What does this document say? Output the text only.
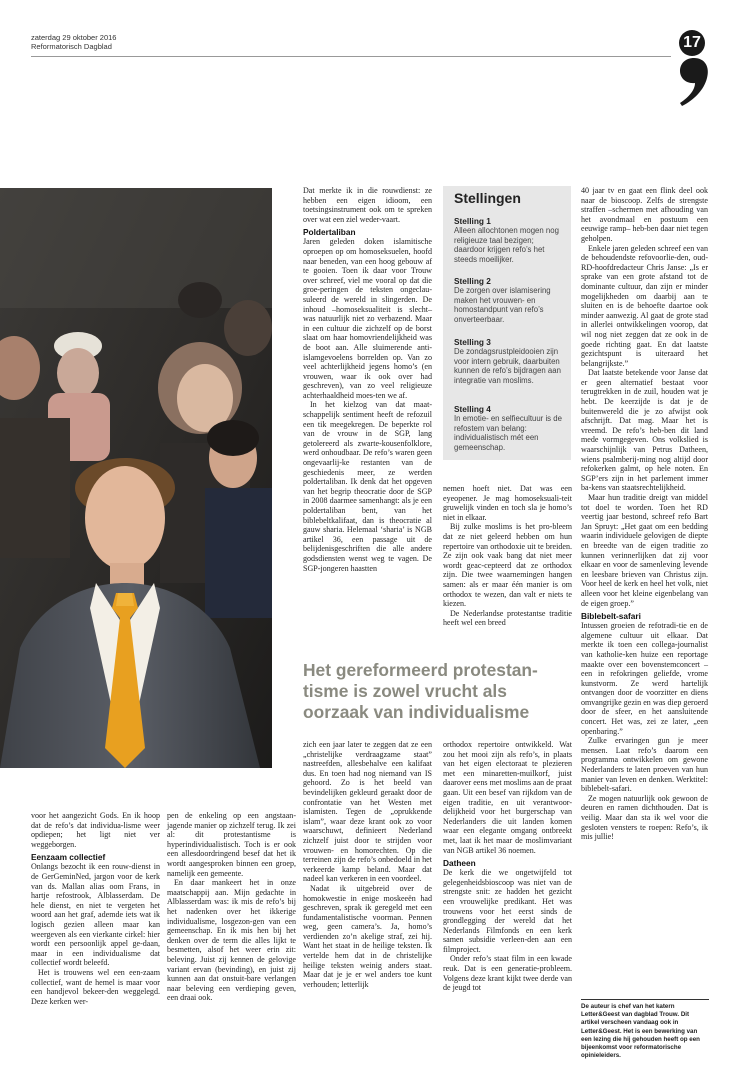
zaterdag 29 oktober 2016
Reformatorisch Dagblad	17

Dat merkte ik in die rouwdienst: ze hebben een eigen idioom, een toetsingsinstrument ook om te spreken over wat een ziel weder-vaart.

Poldertaliban

Jaren geleden doken islamitische oproepen op om homoseksuelen, hoofd naar beneden, van een hoog gebouw af te gooien. Toen ik daar voor Trouw over schreef, viel me vooral op dat die groe-peringen de teksten ongeclau-suleerd de wereld in slingerden. De inhoud –homoseksualiteit is slecht– was natuurlijk niet zo verbazend. Maar in een cultuur die zichzelf op de borst slaat om haar homovriendelijkheid was de boot aan. Alle sluimerende anti-islamgevoelens borrelden op. Van zo veel achterlijkheid jegens homo’s (en vrouwen, waar ik ook over had geschreven), van zo veel religieuze achterhaaldheid moes-ten we af.

In het kielzog van dat maat-schappelijk sentiment heeft de refozuil een tik meegekregen. De beperkte rol van de vrouw in de SGP, lang getolereerd als zwarte-kousenfolklore, werd onhoudbaar. De refo’s waren geen ongevaarlij-ke restanten van de geschiedenis meer, ze werden poldertaliban. Ik denk dat het opgeven van het begrip theocratie door de SGP in 2008 daarmee samenhangt: als je een poldertaliban bent, van het biblebeltkalifaat, dan is theocratie al gauw sharia. Helemaal ‘sharia’ is NGB artikel 36, een passage uit de belijdenisgeschriften die alle andere godsdiensten wenst weg te vagen. De SGP-jongeren haastten

Stellingen
Stelling 1
Alleen allochtonen mogen nog religieuze taal bezigen; daardoor krijgen refo’s het steeds moeilijker.
Stelling 2
De zorgen over islamisering maken het vrouwen- en homostandpunt van refo’s onverteerbaar.
Stelling 3
De zondagsrustpleidooien zijn voor intern gebruik, daarbuiten kunnen de refo’s bijdragen aan integratie van moslims.
Stelling 4
In emotie- en selfiecultuur is de refostem van belang: individualistisch mét een gemeenschap.

nemen hoeft niet. Dat was een eyeopener. Je mag homoseksuali-teit gruwelijk vinden en toch sla je homo’s niet in elkaar.

Bij zulke moslims is het pro-bleem dat ze niet geleerd hebben om hun repertoire van orthodoxie uit te breiden. Ze zijn ook vaak bang dat niet meer wordt geac-cepteerd dat ze orthodox zijn. Die twee waarnemingen hangen samen: als er maar één manier is om orthodox te wezen, dan valt er niets te kiezen.

De Nederlandse protestantse traditie heeft wel een breed

Het gereformeerd protestan-tisme is zowel vrucht als oorzaak van individualisme

40 jaar tv en gaat een flink deel ook naar de bioscoop. Zelfs de strengste straffen –schermen met afhouding van het avondmaal en postuum een eeuwige ramp– heb-ben daar niet tegen geholpen.

Enkele jaren geleden schreef een van de behoudendste refovoorlie-den, oud-RD-hoofdredacteur Chris Janse: „Is er sprake van een grote afstand tot de dominante cultuur, dan zijn er minder mogelijkheden om daarbij aan te sluiten en is de behoefte daartoe ook minder aanwezig. Al gaat de grote stad in allerlei ontwikkelingen voorop, dat wil nog niet zeggen dat ze ook in de goede richting gaat. En dat laatste gezichtspunt is uiteraard het belangrijkste.”

Dat laatste betekende voor Janse dat er geen alternatief bestaat voor terugtrekken in de zuil, houden wat je hebt. De keerzijde is dat je de buitenwereld die je zo afwijst ook afschrijft. Dat mag. Maar het is vreemd. De refo’s heb-ben dit land mede vormgegeven. Ons volkslied is waarschijnlijk van Petrus Datheen, wiens psalmberij-ming nog altijd door refokerken galmt, op hele noten. En SGP’ers zijn in het parlement immer ba-kens van staatsrechtelijkheid.

Maar hun traditie dreigt van middel tot doel te worden. Toen het RD veertig jaar bestond, schreef refo Bart Jan Spruyt: „Het gaat om een bedding waarin individuele gelovigen de diepte en breedte van de eigen traditie zo kunnen verinnerlijken dat zij voor elkaar en voor de samenleving levende en leesbare brieven van Christus zijn. Voor heel de kerk en heel het volk, niet alleen voor het kleine eigenbelang van de eigen groep.”

Biblebelt-safari

Intussen groeien de refotradi-tie en de algemene cultuur uit elkaar. Dat merkte ik toen een collega-journalist van katholie-ken huize een reportage maakte over een bovenstemconcert – een in refokringen geliefde, vrome kunstvorm. Ze werd hartelijk ontvangen door de voorzitter en diens omvangrijke gezin en was diep geroerd door de sfeer, en het aansluitende concert. Het was, zei ze later, „een openbaring.”

Zulke ervaringen gun je meer mensen. Laat refo’s daarom een programma ontwikkelen om gewone Nederlanders te laten proeven van hun manier van leven en denken. Werktitel: biblebelt-safari.

Ze mogen natuurlijk ook gewoon de deuren en ramen dichthouden. Dat is veilig. Maar dan sta ik wel voor die gesloten vensters te roepen: Refo’s, ik mis jullie!

voor het aangezicht Gods. En ik hoop dat de refo’s dat individua-lisme weer opdiepen; het ligt niet ver weggeborgen.

Eenzaam collectief

Onlangs bezocht ik een rouw-dienst in de GerGeminNed, jargon voor de kerk van ds. Mallan alias oom Frans, in hartje refostrook, Alblasserdam. De hele dienst, en niet te vergeten het woord aan het graf, ademde iets wat ik logisch gezien alleen maar kan weergeven als een vierkante cirkel: hier wordt een persoonlijk appel ge-daan, maar in een individualisme dat collectief wordt beleefd.

Het is trouwens wel een een-zaam collectief, want de hemel is maar voor een handjevol bekeer-den weggelegd. Deze kerken wer-

pen de enkeling op een angstaan-jagende manier op zichzelf terug. Ik zei al: dit protestantisme is hyperindividualistisch. Toch is er ook een allesdoordringend besef dat het ik wordt aangesproken binnen een groep, namelijk een gemeente.

En daar mankeert het in onze maatschappij aan. Mijn gedachte in Alblasserdam was: ik mis de refo’s bij het nadenken over het ikkerige individualisme, losgezon-gen van een gemeenschap. En ik mis hen bij het denken over de term die alles lijkt te besmetten, alsof het weer erin zit: beleving. Juist zij kennen de gelovige variant ervan (bevinding), en juist zij kunnen aan dat onstuit-bare verlangen naar beleving een verdieping geven, een draai ook.

zich een jaar later te zeggen dat ze een „christelijke verdraagzame staat” nastreefden, allesbehalve een kalifaat dus. En toen had nog niemand van IS gehoord. Zo is het beeld van bevindelijken gekleurd geraakt door de confrontatie van het Westen met islamisten. Tegen de „oprukkende islam”, waar deze krant ook zo voor waarschuwt, definieert Nederland zichzelf juist door te strijden voor vrouwen- en homorechten. Op die terreinen zijn de refo’s onbedoeld in het verkeerde kamp beland. Maar dat nadeel kan verkeren in een voordeel.

Nadat ik uitgebreid over de homokwestie in enige moskeeën had geschreven, sprak ik geregeld met een fundamentalistische voorman. Pennen weg, geen camera’s. Ja, homo’s verdienden zo’n akelige straf, zei hij. Want het staat in de heilige teksten. Ik vertelde hem dat in de christelijke heilige teksten weinig anders staat. Maar dat je je er wel anders toe kunt verhouden; letterlijk

orthodox repertoire ontwikkeld. Wat zou het mooi zijn als refo’s, in plaats van het eigen electoraat te plezieren met een minaretten-muilkorf, juist daarover eens met moslims aan de praat gaan. Uit een besef van rijkdom van de eigen traditie, en uit verantwoor-delijkheid voor het burgerschap van Nederlanders die uit landen komen waar een elegante omgang ontbreekt met, laat ik het maar de moslimvariant van NGB artikel 36 noemen.

Datheen

De kerk die we ongetwijfeld tot gelegenheidsbioscoop was niet van de strengste snit: ze hadden het gezicht een vrouwelijke predikant. Het was trouwens voor het eerst sinds de grondlegging der wereld dat het Nederlands Filmfonds en een kerk samen subsidie verleen-den aan een filmproject.

Onder refo’s staat film in een kwade reuk. Dat is een generatie-probleem. Volgens deze krant kijkt twee derde van de jeugd tot

De auteur is chef van het katern Letter&Geest van dagblad Trouw. Dit artikel verscheen vandaag ook in Letter&Geest. Het is een bewerking van een lezing die hij gehouden heeft op een bijeenkomst voor reformatorische opinieleiders.
